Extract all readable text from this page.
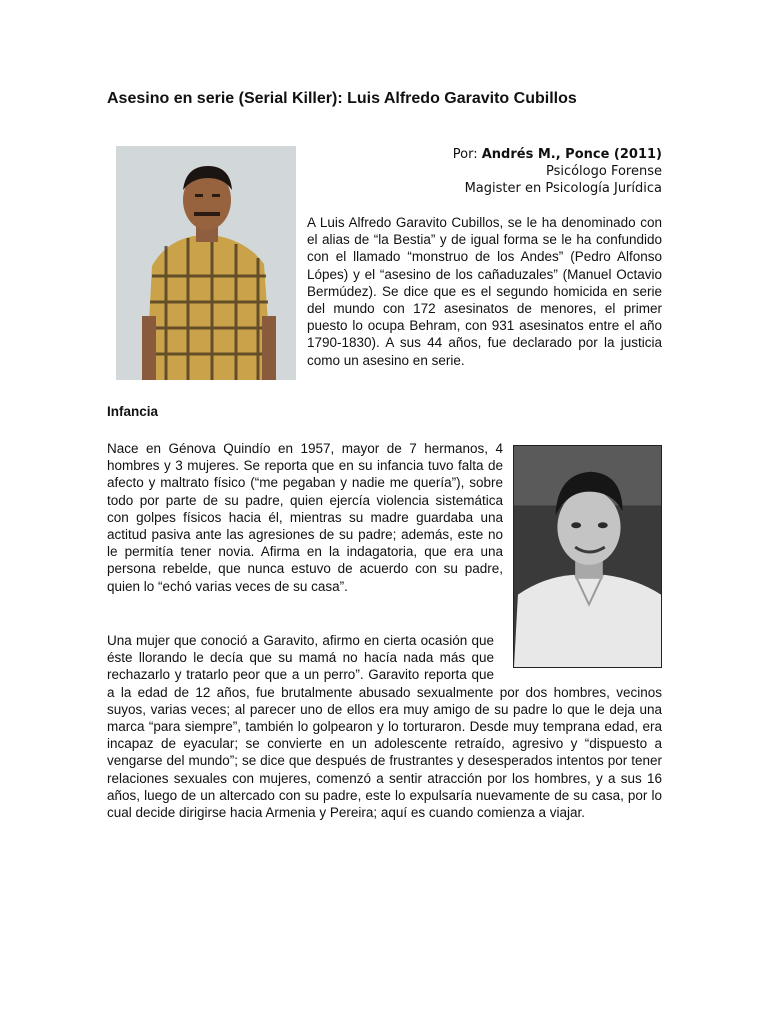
Asesino en serie (Serial Killer): Luis Alfredo Garavito Cubillos
Por: Andrés M., Ponce (2011)
Psicólogo Forense
Magister en Psicología Jurídica

A Luis Alfredo Garavito Cubillos, se le ha denominado con el alias de “la Bestia” y de igual forma se le ha confundido con el llamado “monstruo de los Andes” (Pedro Alfonso Lópes) y el “asesino de los cañaduzales” (Manuel Octavio Bermúdez). Se dice que es el segundo homicida en serie del mundo con 172 asesinatos de menores, el primer puesto lo ocupa Behram, con 931 asesinatos entre el año 1790-1830). A sus 44 años, fue declarado por la justicia como un asesino en serie.

Infancia

Nace en Génova Quindío en 1957, mayor de 7 hermanos, 4 hombres y 3 mujeres. Se reporta que en su infancia tuvo falta de afecto y maltrato físico (“me pegaban y nadie me quería”), sobre todo por parte de su padre, quien ejercía violencia sistemática con golpes físicos hacia él, mientras su madre guardaba una actitud pasiva ante las agresiones de su padre; además, este no le permitía tener novia. Afirma en la indagatoria, que era una persona rebelde, que nunca estuvo de acuerdo con su padre, quien lo “echó varias veces de su casa”.

Una mujer que conoció a Garavito, afirmo en cierta ocasión que éste llorando le decía que su mamá no hacía nada más que rechazarlo y tratarlo peor que a un perro”. Garavito reporta que a la edad de 12 años, fue brutalmente abusado sexualmente por dos hombres, vecinos suyos, varias veces; al parecer uno de ellos era muy amigo de su padre lo que le deja una marca “para siempre”, también lo golpearon y lo torturaron. Desde muy temprana edad, era incapaz de eyacular; se convierte en un adolescente retraído, agresivo y “dispuesto a vengarse del mundo”; se dice que después de frustrantes y desesperados intentos por tener relaciones sexuales con mujeres, comenzó a sentir atracción por los hombres, y a sus 16 años, luego de un altercado con su padre, este lo expulsaría nuevamente de su casa, por lo cual decide dirigirse hacia Armenia y Pereira; aquí es cuando comienza a viajar.
